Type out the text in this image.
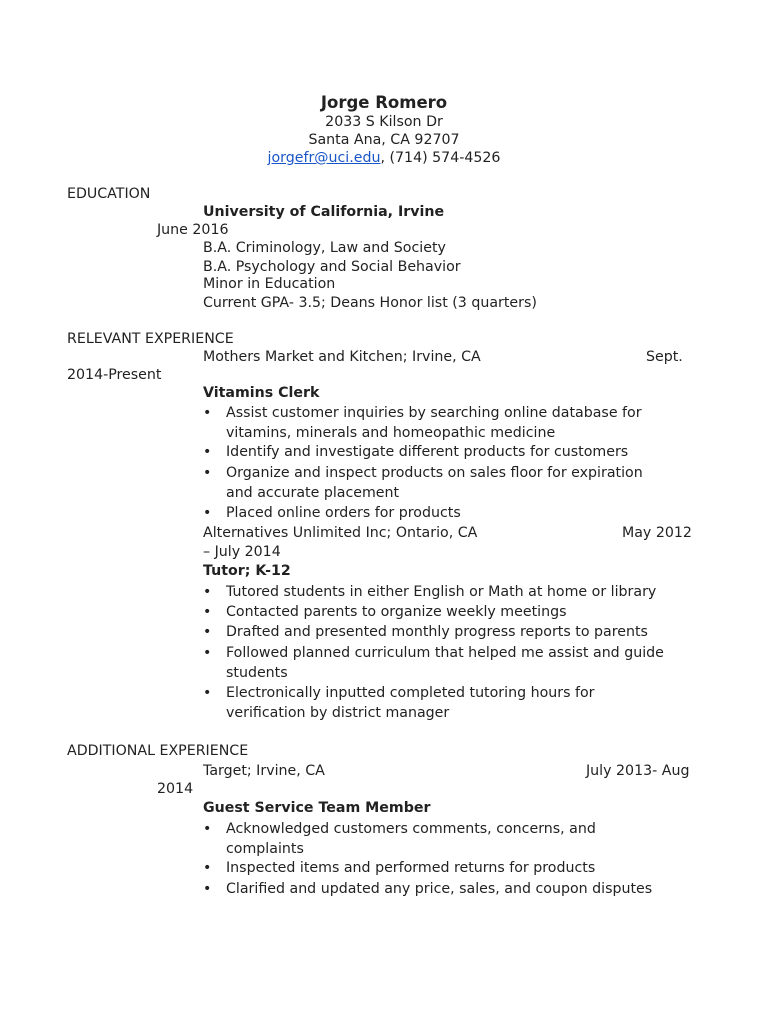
Jorge Romero
2033 S Kilson Dr
Santa Ana, CA 92707
jorgefr@uci.edu, (714) 574-4526
EDUCATION
University of California, Irvine
June 2016
B.A. Criminology, Law and Society
B.A. Psychology and Social Behavior
Minor in Education
Current GPA- 3.5; Deans Honor list (3 quarters)
RELEVANT EXPERIENCE
Mothers Market and Kitchen; Irvine, CA	Sept.
2014-Present
Vitamins Clerk
• Assist customer inquiries by searching online database for
vitamins, minerals and homeopathic medicine
• Identify and investigate different products for customers
• Organize and inspect products on sales floor for expiration
and accurate placement
• Placed online orders for products
Alternatives Unlimited Inc; Ontario, CA	May 2012
– July 2014
Tutor; K-12
• Tutored students in either English or Math at home or library
• Contacted parents to organize weekly meetings
• Drafted and presented monthly progress reports to parents
• Followed planned curriculum that helped me assist and guide
students
• Electronically inputted completed tutoring hours for
verification by district manager
ADDITIONAL EXPERIENCE
Target; Irvine, CA	July 2013- Aug
2014
Guest Service Team Member
• Acknowledged customers comments, concerns, and
complaints
• Inspected items and performed returns for products
• Clarified and updated any price, sales, and coupon disputes
